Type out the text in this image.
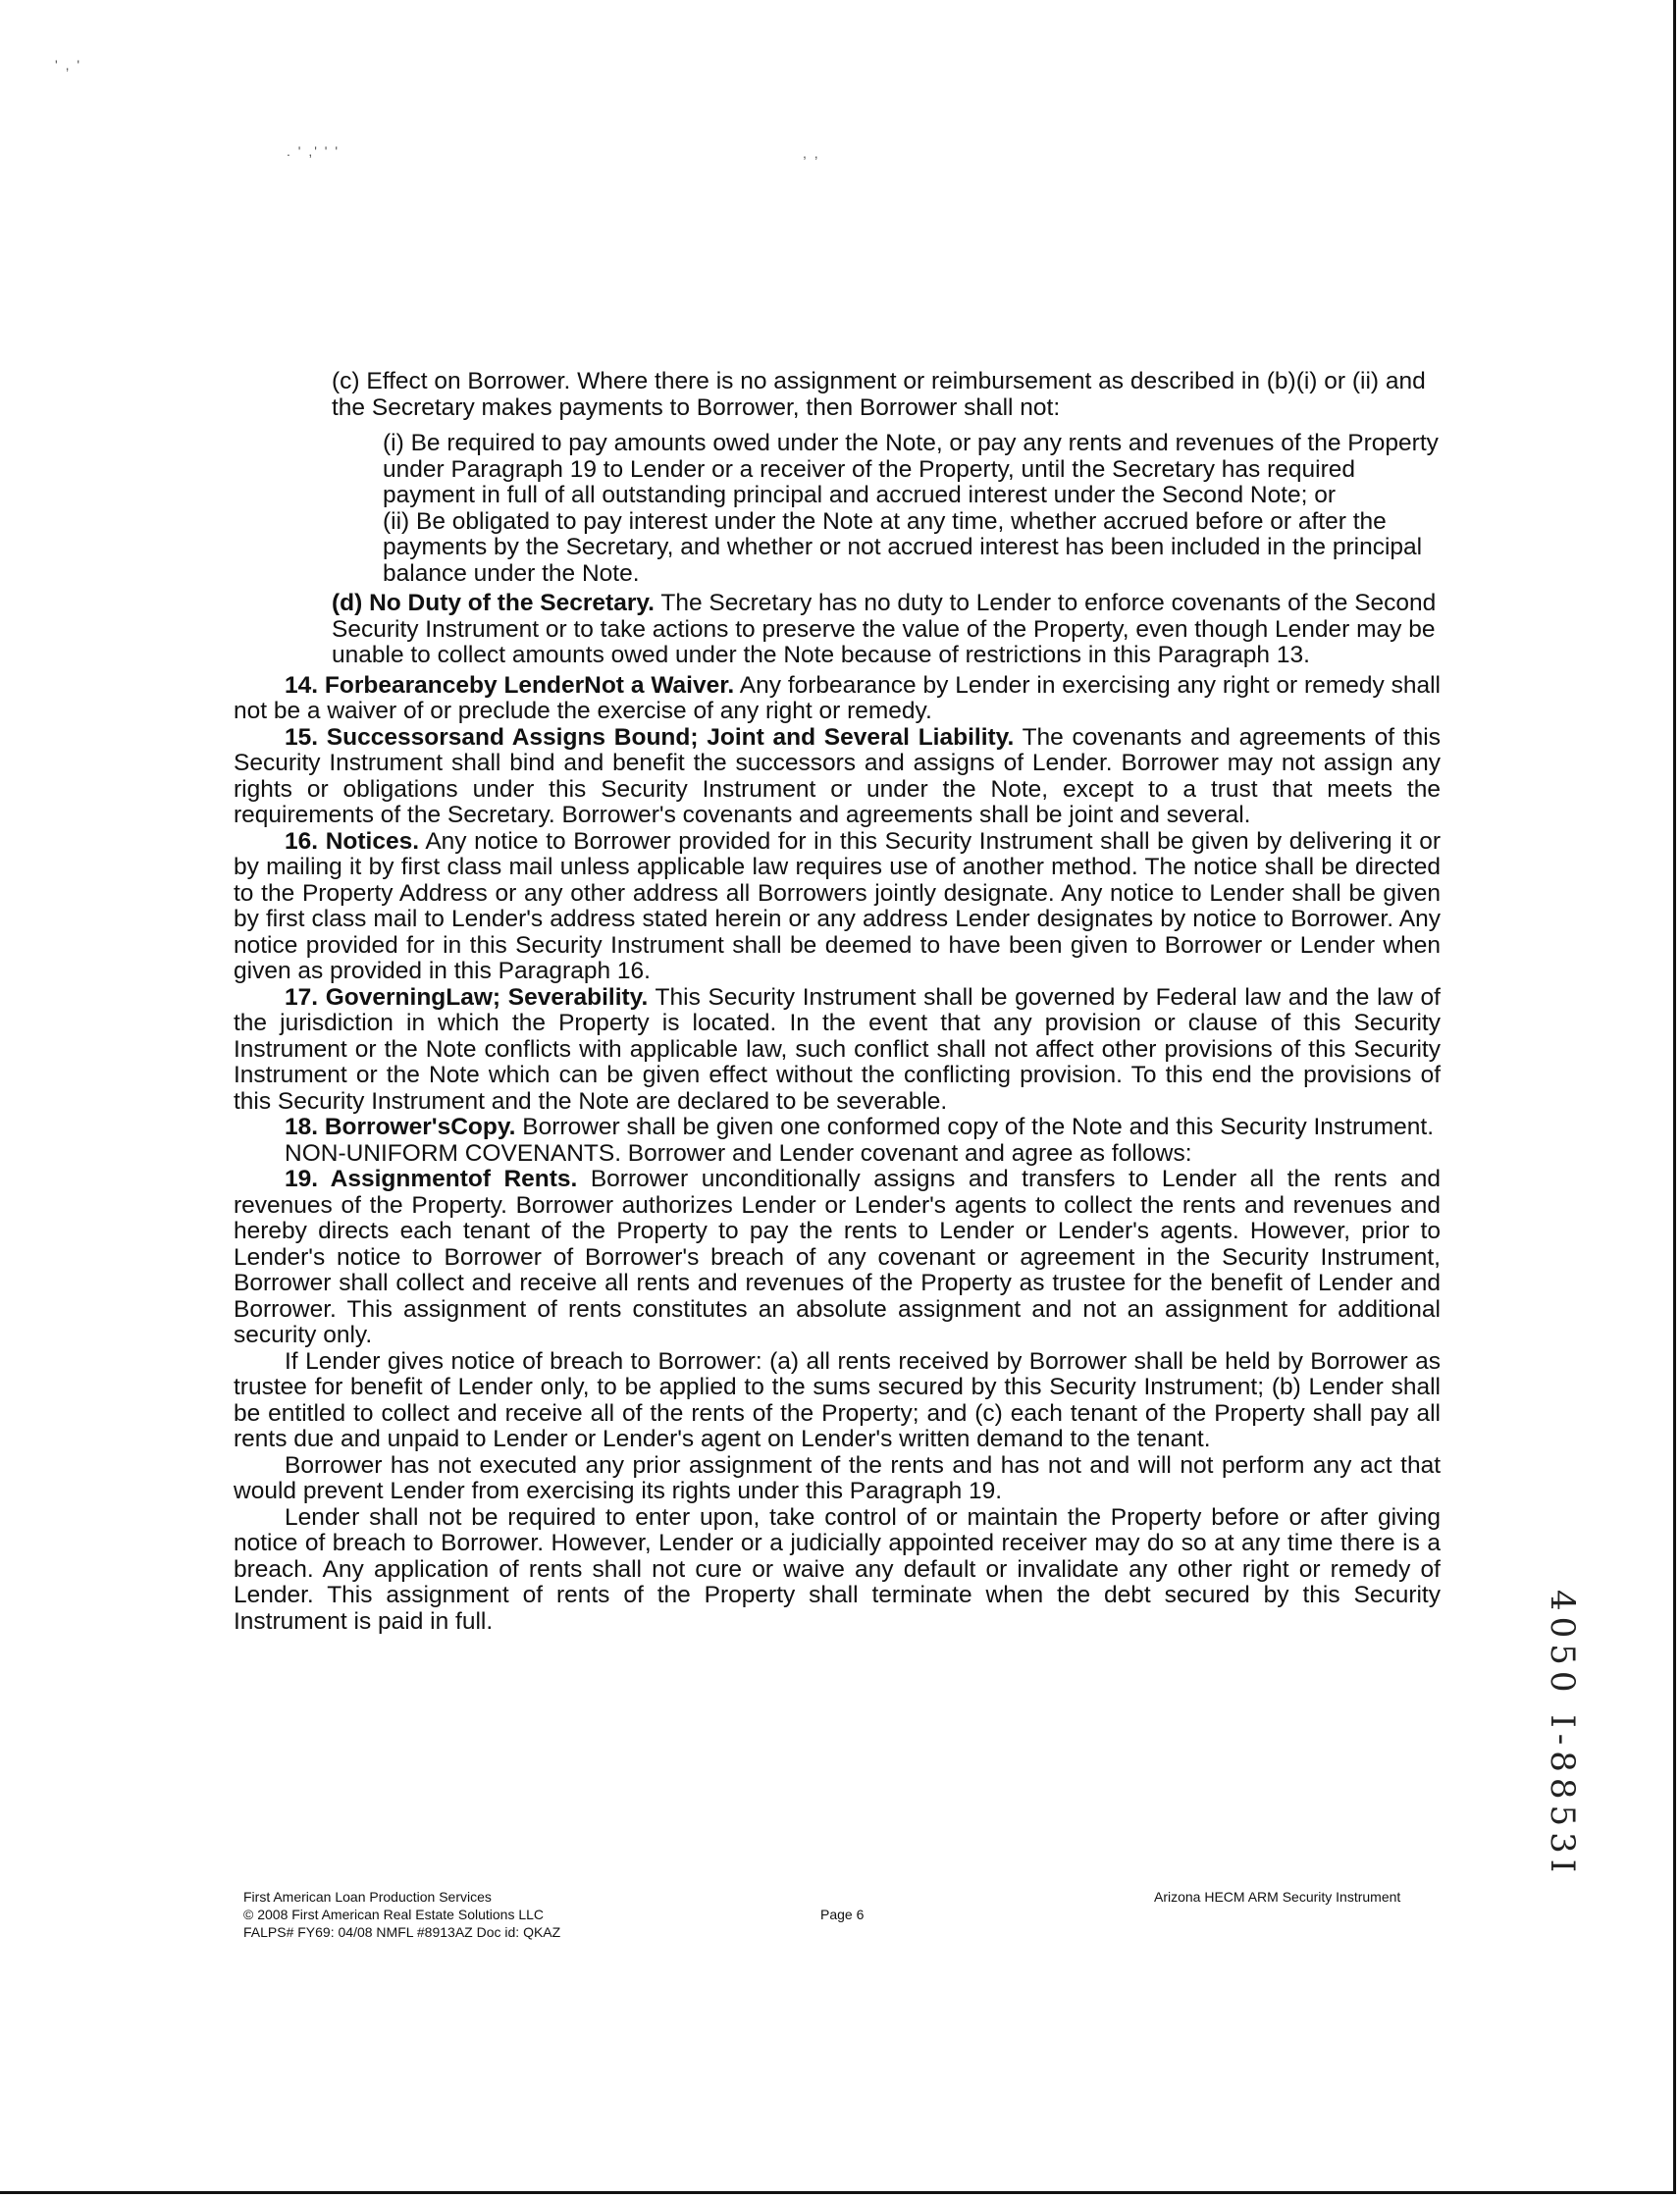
' , '
. ' ,' ' '	, ,
(c) Effect on Borrower. Where there is no assignment or reimbursement as described in (b)(i) or (ii) and the Secretary makes payments to Borrower, then Borrower shall not:
(i) Be required to pay amounts owed under the Note, or pay any rents and revenues of the Property under Paragraph 19 to Lender or a receiver of the Property, until the Secretary has required payment in full of all outstanding principal and accrued interest under the Second Note; or
(ii) Be obligated to pay interest under the Note at any time, whether accrued before or after the payments by the Secretary, and whether or not accrued interest has been included in the principal balance under the Note.
(d) No Duty of the Secretary. The Secretary has no duty to Lender to enforce covenants of the Second Security Instrument or to take actions to preserve the value of the Property, even though Lender may be unable to collect amounts owed under the Note because of restrictions in this Paragraph 13.
14. Forbearanceby LenderNot a Waiver. Any forbearance by Lender in exercising any right or remedy shall not be a waiver of or preclude the exercise of any right or remedy.
15. Successorsand Assigns Bound; Joint and Several Liability. The covenants and agreements of this Security Instrument shall bind and benefit the successors and assigns of Lender. Borrower may not assign any rights or obligations under this Security Instrument or under the Note, except to a trust that meets the requirements of the Secretary. Borrower's covenants and agreements shall be joint and several.
16. Notices. Any notice to Borrower provided for in this Security Instrument shall be given by delivering it or by mailing it by first class mail unless applicable law requires use of another method. The notice shall be directed to the Property Address or any other address all Borrowers jointly designate. Any notice to Lender shall be given by first class mail to Lender's address stated herein or any address Lender designates by notice to Borrower. Any notice provided for in this Security Instrument shall be deemed to have been given to Borrower or Lender when given as provided in this Paragraph 16.
17. GoverningLaw; Severability. This Security Instrument shall be governed by Federal law and the law of the jurisdiction in which the Property is located. In the event that any provision or clause of this Security Instrument or the Note conflicts with applicable law, such conflict shall not affect other provisions of this Security Instrument or the Note which can be given effect without the conflicting provision. To this end the provisions of this Security Instrument and the Note are declared to be severable.
18. Borrower'sCopy. Borrower shall be given one conformed copy of the Note and this Security Instrument.
NON-UNIFORM COVENANTS. Borrower and Lender covenant and agree as follows:
19. Assignmentof Rents. Borrower unconditionally assigns and transfers to Lender all the rents and revenues of the Property. Borrower authorizes Lender or Lender's agents to collect the rents and revenues and hereby directs each tenant of the Property to pay the rents to Lender or Lender's agents. However, prior to Lender's notice to Borrower of Borrower's breach of any covenant or agreement in the Security Instrument, Borrower shall collect and receive all rents and revenues of the Property as trustee for the benefit of Lender and Borrower. This assignment of rents constitutes an absolute assignment and not an assignment for additional security only.
If Lender gives notice of breach to Borrower: (a) all rents received by Borrower shall be held by Borrower as trustee for benefit of Lender only, to be applied to the sums secured by this Security Instrument; (b) Lender shall be entitled to collect and receive all of the rents of the Property; and (c) each tenant of the Property shall pay all rents due and unpaid to Lender or Lender's agent on Lender's written demand to the tenant.
Borrower has not executed any prior assignment of the rents and has not and will not perform any act that would prevent Lender from exercising its rights under this Paragraph 19.
Lender shall not be required to enter upon, take control of or maintain the Property before or after giving notice of breach to Borrower. However, Lender or a judicially appointed receiver may do so at any time there is a breach. Any application of rents shall not cure or waive any default or invalidate any other right or remedy of Lender. This assignment of rents of the Property shall terminate when the debt secured by this Security Instrument is paid in full.
First American Loan Production Services
© 2008 First American Real Estate Solutions LLC
FALPS# FY69: 04/08 NMFL #8913AZ Doc id: QKAZ
Page 6
Arizona HECM ARM Security Instrument
4050 I-8853I
